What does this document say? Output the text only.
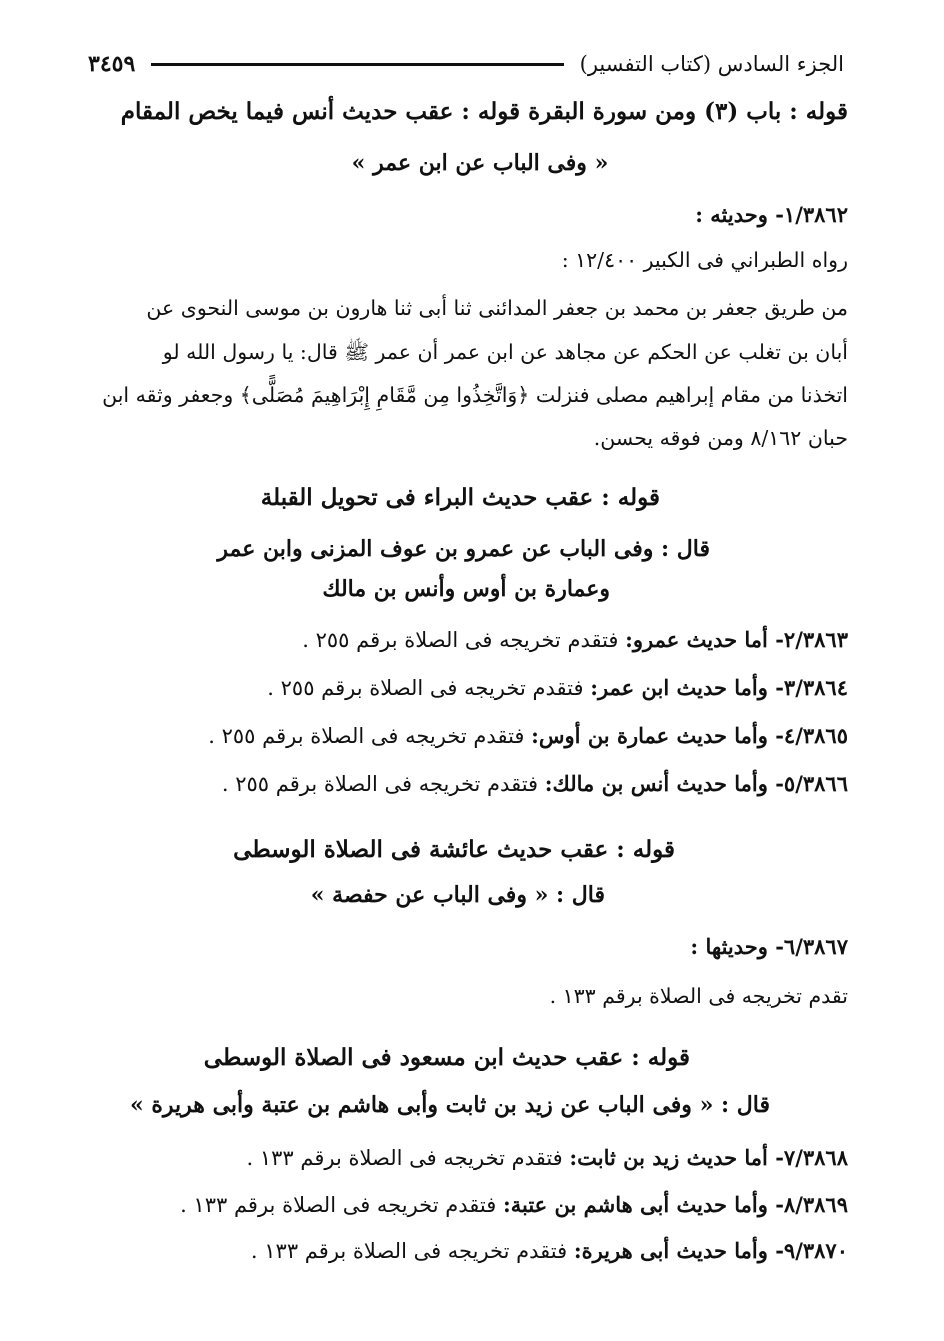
الجزء السادس (كتاب التفسير)
٣٤٥٩
قوله : باب (٣) ومن سورة البقرة قوله : عقب حديث أنس فيما يخص المقام
« وفى الباب عن ابن عمر »
١/٣٨٦٢- وحديثه :
رواه الطبراني فى الكبير ١٢/٤٠٠ :
من طريق جعفر بن محمد بن جعفر المدائنى ثنا أبى ثنا هارون بن موسى النحوى عن
أبان بن تغلب عن الحكم عن مجاهد عن ابن عمر أن عمر ﷺ قال: يا رسول الله لو
اتخذنا من مقام إبراهيم مصلى فنزلت ﴿وَاتَّخِذُوا مِن مَّقَامِ إِبْرَاهِيمَ مُصَلًّى﴾ وجعفر وثقه ابن
حبان ٨/١٦٢ ومن فوقه يحسن.
قوله : عقب حديث البراء فى تحويل القبلة
قال : وفى الباب عن عمرو بن عوف المزنى وابن عمر
وعمارة بن أوس وأنس بن مالك
٢/٣٨٦٣- أما حديث عمرو: فتقدم تخريجه فى الصلاة برقم ٢٥٥ .
٣/٣٨٦٤- وأما حديث ابن عمر: فتقدم تخريجه فى الصلاة برقم ٢٥٥ .
٤/٣٨٦٥- وأما حديث عمارة بن أوس: فتقدم تخريجه فى الصلاة برقم ٢٥٥ .
٥/٣٨٦٦- وأما حديث أنس بن مالك: فتقدم تخريجه فى الصلاة برقم ٢٥٥ .
قوله : عقب حديث عائشة فى الصلاة الوسطى
قال : « وفى الباب عن حفصة »
٦/٣٨٦٧- وحديثها :
تقدم تخريجه فى الصلاة برقم ١٣٣ .
قوله : عقب حديث ابن مسعود فى الصلاة الوسطى
قال : « وفى الباب عن زيد بن ثابت وأبى هاشم بن عتبة وأبى هريرة »
٧/٣٨٦٨- أما حديث زيد بن ثابت: فتقدم تخريجه فى الصلاة برقم ١٣٣ .
٨/٣٨٦٩- وأما حديث أبى هاشم بن عتبة: فتقدم تخريجه فى الصلاة برقم ١٣٣ .
٩/٣٨٧٠- وأما حديث أبى هريرة: فتقدم تخريجه فى الصلاة برقم ١٣٣ .
